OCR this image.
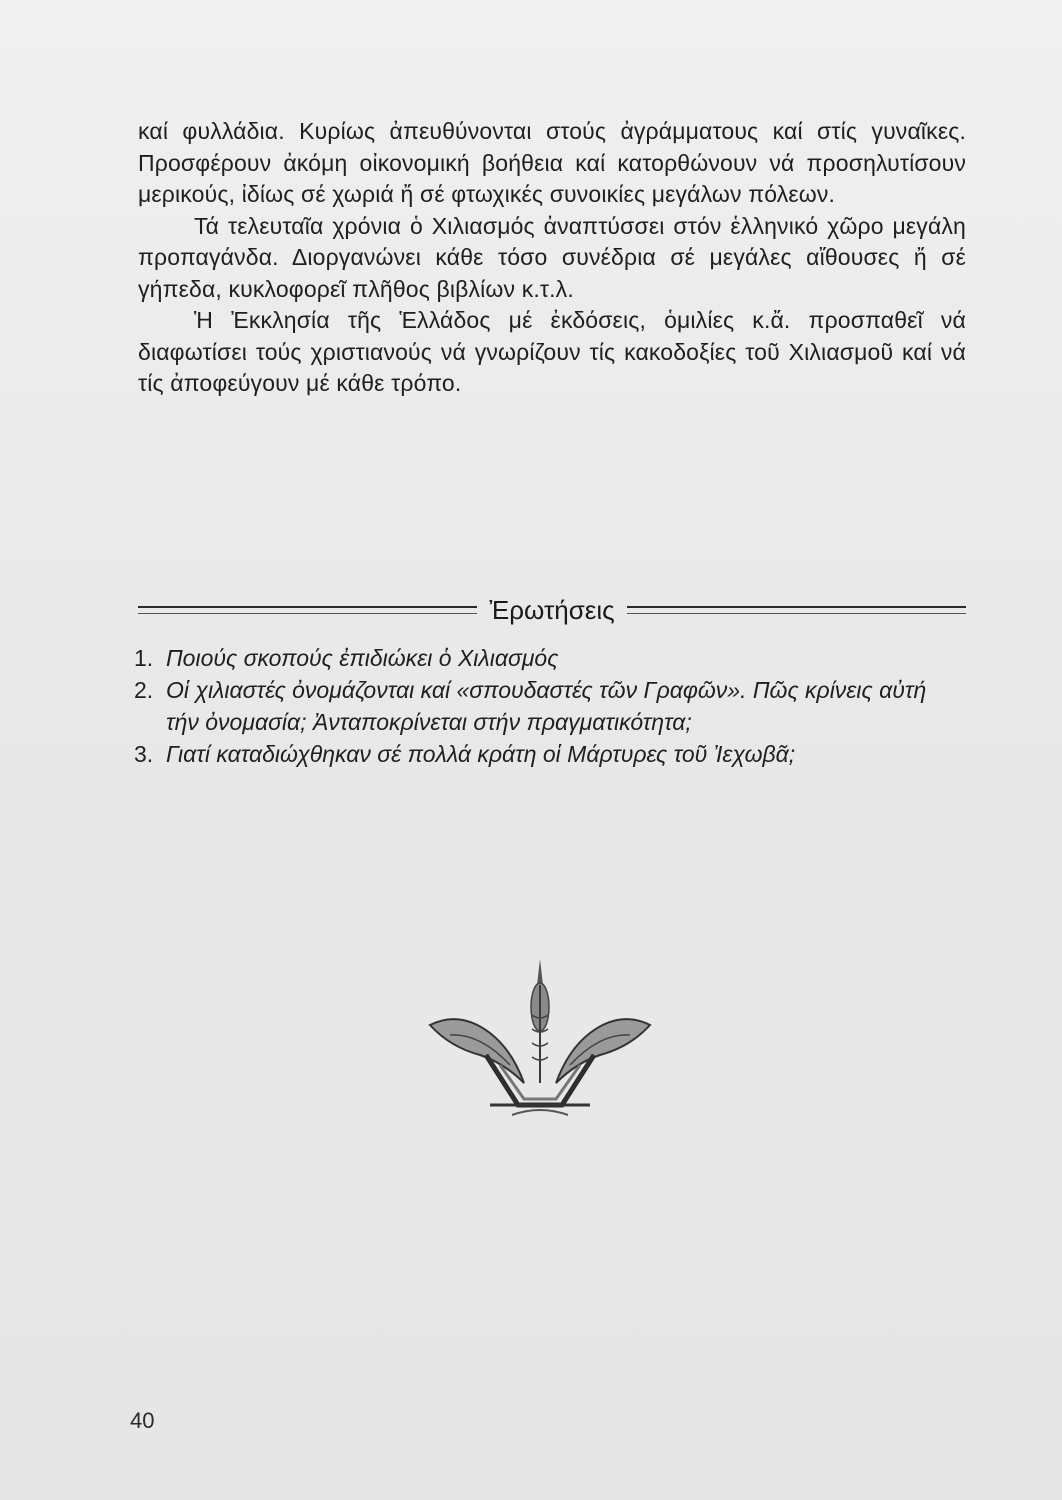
καί φυλλάδια. Κυρίως ἀπευθύνονται στούς ἀγράμματους καί στίς γυναῖκες. Προσφέρουν ἀκόμη οἰκονομική βοήθεια καί κατορθώνουν νά προσηλυτίσουν μερικούς, ἰδίως σέ χωριά ἤ σέ φτωχικές συνοικίες μεγάλων πόλεων.

Τά τελευταῖα χρόνια ὁ Χιλιασμός ἀναπτύσσει στόν ἑλληνικό χῶρο μεγάλη προπαγάνδα. Διοργανώνει κάθε τόσο συνέδρια σέ μεγάλες αἴθουσες ἤ σέ γήπεδα, κυκλοφορεῖ πλῆθος βιβλίων κ.τ.λ.

Ἡ Ἐκκλησία τῆς Ἑλλάδος μέ ἐκδόσεις, ὁμιλίες κ.ἄ. προσπαθεῖ νά διαφωτίσει τούς χριστιανούς νά γνωρίζουν τίς κακοδοξίες τοῦ Χιλιασμοῦ καί νά τίς ἀποφεύγουν μέ κάθε τρόπο.

Ἐρωτήσεις
1. Ποιούς σκοπούς ἐπιδιώκει ὁ Χιλιασμός
2. Οἱ χιλιαστές ὀνομάζονται καί «σπουδαστές τῶν Γραφῶν». Πῶς κρίνεις αὐτή τήν ὀνομασία; Ἀνταποκρίνεται στήν πραγματικότητα;
3. Γιατί καταδιώχθηκαν σέ πολλά κράτη οἱ Μάρτυρες τοῦ Ἰεχωβᾶ;
40
